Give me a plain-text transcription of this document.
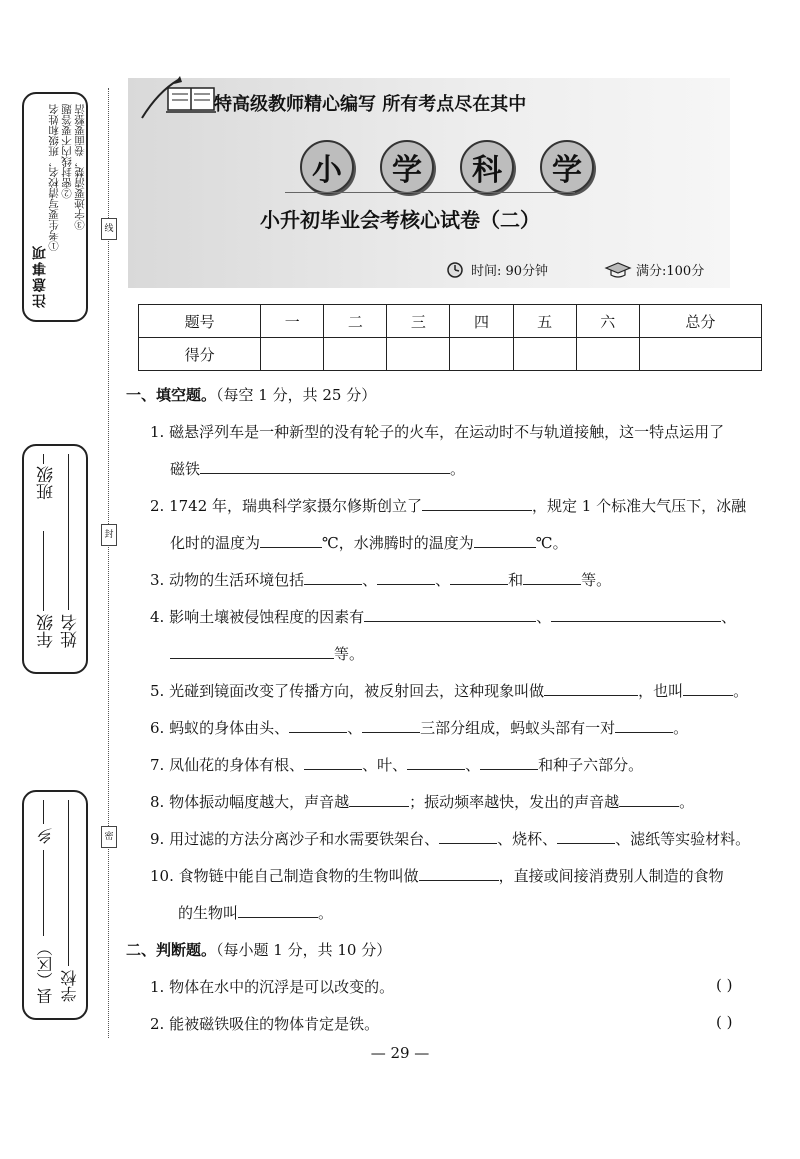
注意事项
①考生要写清校名，班级和姓名 ②密封线内不要答题 ③字迹要清楚，卷面要整洁
年级
班级
姓名
县（区）
乡
学校
线
封
密
特高级教师精心编写 所有考点尽在其中
小	学	科	学
小升初毕业会考核心试卷（二）
时间: 90分钟	满分:100分
题号	一	二	三	四	五	六	总分
得分							
一、填空题。（每空 1 分，共 25 分）
1. 磁悬浮列车是一种新型的没有轮子的火车，在运动时不与轨道接触，这一特点运用了
磁铁	。
2. 1742 年，瑞典科学家摄尔修斯创立了	，规定 1 个标准大气压下，冰融
化时的温度为	℃，水沸腾时的温度为	℃。
3. 动物的生活环境包括	、	、	和	等。
4. 影响土壤被侵蚀程度的因素有	、	、
等。
5. 光碰到镜面改变了传播方向，被反射回去，这种现象叫做	，也叫	。
6. 蚂蚁的身体由头、	、	三部分组成，蚂蚁头部有一对	。
7. 凤仙花的身体有根、	、叶、	、	和种子六部分。
8. 物体振动幅度越大，声音越	；振动频率越快，发出的声音越	。
9. 用过滤的方法分离沙子和水需要铁架台、	、烧杯、	、滤纸等实验材料。
10. 食物链中能自己制造食物的生物叫做	，直接或间接消费别人制造的食物
的生物叫	。
二、判断题。（每小题 1 分，共 10 分）
1. 物体在水中的沉浮是可以改变的。	( )
2. 能被磁铁吸住的物体肯定是铁。	( )
— 29 —
